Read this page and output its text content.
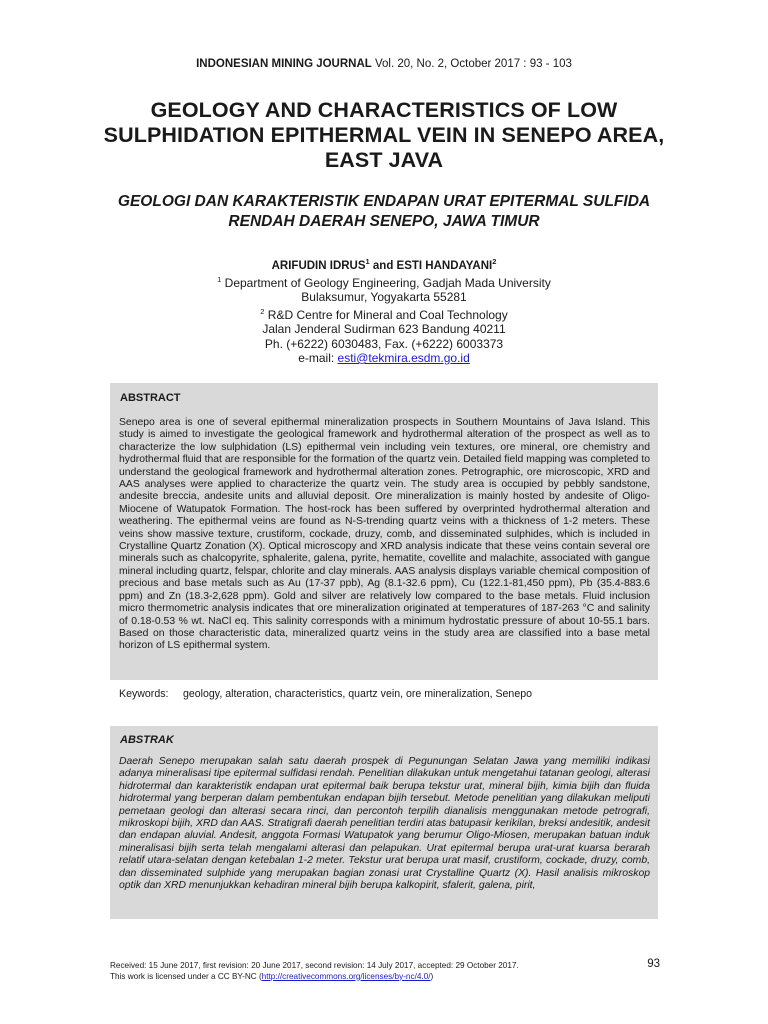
INDONESIAN MINING JOURNAL Vol. 20, No. 2, October 2017 : 93 - 103
GEOLOGY AND CHARACTERISTICS OF LOW SULPHIDATION EPITHERMAL VEIN IN SENEPO AREA, EAST JAVA
GEOLOGI DAN KARAKTERISTIK ENDAPAN URAT EPITERMAL SULFIDA RENDAH DAERAH SENEPO, JAWA TIMUR
ARIFUDIN IDRUS$^1$ and ESTI HANDAYANI$^2$
$^1$ Department of Geology Engineering, Gadjah Mada University
Bulaksumur, Yogyakarta 55281
$^2$ R&D Centre for Mineral and Coal Technology
Jalan Jenderal Sudirman 623 Bandung 40211
Ph. (+6222) 6030483, Fax. (+6222) 6003373
e-mail: esti@tekmira.esdm.go.id
ABSTRACT
Senepo area is one of several epithermal mineralization prospects in Southern Mountains of Java Island. This study is aimed to investigate the geological framework and hydrothermal alteration of the prospect as well as to characterize the low sulphidation (LS) epithermal vein including vein textures, ore mineral, ore chemistry and hydrothermal fluid that are responsible for the formation of the quartz vein. Detailed field mapping was completed to understand the geological framework and hydrothermal alteration zones. Petrographic, ore microscopic, XRD and AAS analyses were applied to characterize the quartz vein. The study area is occupied by pebbly sandstone, andesite breccia, andesite units and alluvial deposit. Ore mineralization is mainly hosted by andesite of Oligo-Miocene of Watupatok Formation. The host-rock has been suffered by overprinted hydrothermal alteration and weathering. The epithermal veins are found as N-S-trending quartz veins with a thickness of 1-2 meters. These veins show massive texture, crustiform, cockade, druzy, comb, and disseminated sulphides, which is included in Crystalline Quartz Zonation (X). Optical microscopy and XRD analysis indicate that these veins contain several ore minerals such as chalcopyrite, sphalerite, galena, pyrite, hematite, covellite and malachite, associated with gangue mineral including quartz, felspar, chlorite and clay minerals. AAS analysis displays variable chemical composition of precious and base metals such as Au (17-37 ppb), Ag (8.1-32.6 ppm), Cu (122.1-81,450 ppm), Pb (35.4-883.6 ppm) and Zn (18.3-2,628 ppm). Gold and silver are relatively low compared to the base metals. Fluid inclusion micro thermometric analysis indicates that ore mineralization originated at temperatures of 187-263 °C and salinity of 0.18-0.53 % wt. NaCl eq. This salinity corresponds with a minimum hydrostatic pressure of about 10-55.1 bars. Based on those characteristic data, mineralized quartz veins in the study area are classified into a base metal horizon of LS epithermal system.
Keywords: geology, alteration, characteristics, quartz vein, ore mineralization, Senepo
ABSTRAK
Daerah Senepo merupakan salah satu daerah prospek di Pegunungan Selatan Jawa yang memiliki indikasi adanya mineralisasi tipe epitermal sulfidasi rendah. Penelitian dilakukan untuk mengetahui tatanan geologi, alterasi hidrotermal dan karakteristik endapan urat epitermal baik berupa tekstur urat, mineral bijih, kimia bijih dan fluida hidrotermal yang berperan dalam pembentukan endapan bijih tersebut. Metode penelitian yang dilakukan meliputi pemetaan geologi dan alterasi secara rinci, dan percontoh terpilih dianalisis menggunakan metode petrografi, mikroskopi bijih, XRD dan AAS. Stratigrafi daerah penelitian terdiri atas batupasir kerikilan, breksi andesitik, andesit dan endapan aluvial. Andesit, anggota Formasi Watupatok yang berumur Oligo-Miosen, merupakan batuan induk mineralisasi bijih serta telah mengalami alterasi dan pelapukan. Urat epitermal berupa urat-urat kuarsa berarah relatif utara-selatan dengan ketebalan 1-2 meter. Tekstur urat berupa urat masif, crustiform, cockade, druzy, comb, dan disseminated sulphide yang merupakan bagian zonasi urat Crystalline Quartz (X). Hasil analisis mikroskop optik dan XRD menunjukkan kehadiran mineral bijih berupa kalkopirit, sfalerit, galena, pirit,
Received: 15 June 2017, first revision: 20 June 2017, second revision: 14 July 2017, accepted: 29 October 2017.
This work is licensed under a CC BY-NC (http://creativecommons.org/licenses/by-nc/4.0/)
93
